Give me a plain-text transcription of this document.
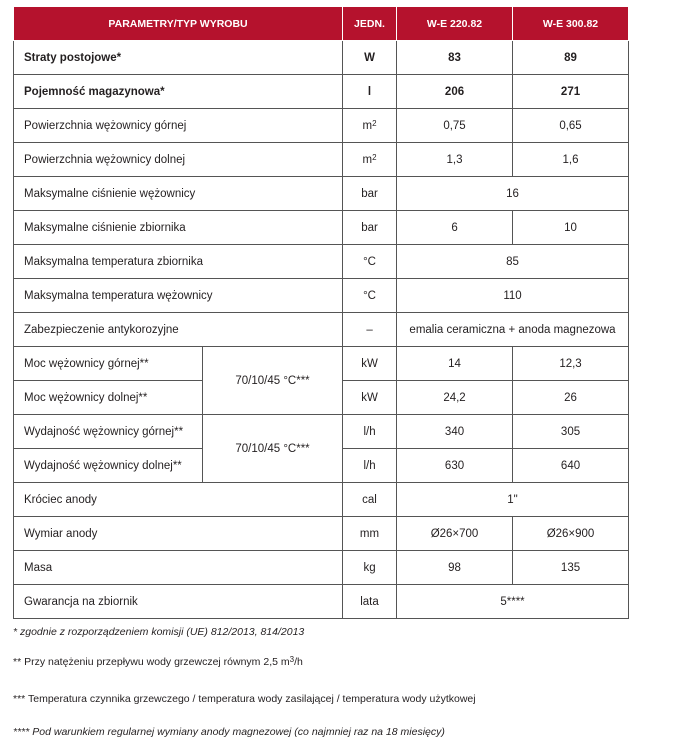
PARAMETRY/TYP WYROBU		JEDN.	W-E 220.82	W-E 300.82
Straty postojowe*		W	83	89
Pojemność magazynowa*		l	206	271
Powierzchnia wężownicy górnej		$m^2$	0,75	0,65
Powierzchnia wężownicy dolnej		$m^2$	1,3	1,6
Maksymalne ciśnienie wężownicy		bar	16	
Maksymalne ciśnienie zbiornika		bar	6	10
Maksymalna temperatura zbiornika		°C	85	
Maksymalna temperatura wężownicy		°C	110	
Zabezpieczenie antykorozyjne		–	emalia ceramiczna + anoda magnezowa	
Moc wężownicy górnej**	70/10/45 °C***	kW	14	12,3
Moc wężownicy dolnej**		kW	24,2	26
Wydajność wężownicy górnej**	70/10/45 °C***	l/h	340	305
Wydajność wężownicy dolnej**		l/h	630	640
Króciec anody		cal	1"	
Wymiar anody		mm	Ø26×700	Ø26×900
Masa		kg	98	135
Gwarancja na zbiornik		lata	5****	
* zgodnie z rozporządzeniem komisji (UE) 812/2013, 814/2013
** Przy natężeniu przepływu wody grzewczej równym 2,5 $m^3/h$
*** Temperatura czynnika grzewczego / temperatura wody zasilającej / temperatura wody użytkowej
**** Pod warunkiem regularnej wymiany anody magnezowej (co najmniej raz na 18 miesięcy)
